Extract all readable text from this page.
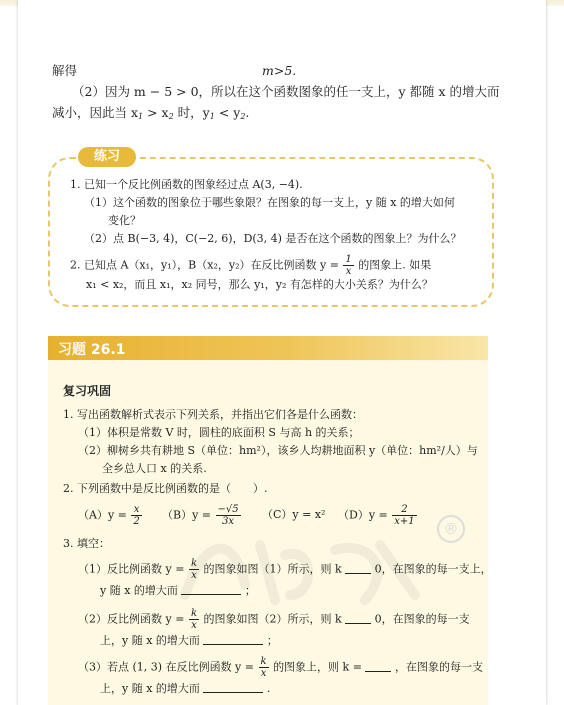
解得	m>5.
（2）因为 m − 5 > 0，所以在这个函数图象的任一支上，y 都随 x 的增大而
减小，因此当 $x_1 > x_2$ 时，$y_1 < y_2$.
练习
1. 已知一个反比例函数的图象经过点 A(3, −4).
（1）这个函数的图象位于哪些象限？在图象的每一支上，y 随 x 的增大如何
变化？
（2）点 B(−3, 4)，C(−2, 6)，D(3, 4) 是否在这个函数的图象上？为什么？
2. 已知点 A（x₁，y₁），B（x₂，y₂）在反比例函数 $y = \frac{1}{x}$ 的图象上. 如果
x₁ < x₂，而且 x₁，x₂ 同号，那么 y₁，y₂ 有怎样的大小关系？为什么？
习题 26.1
®
复习巩固
1. 写出函数解析式表示下列关系，并指出它们各是什么函数：
（1）体积是常数 V 时，圆柱的底面积 S 与高 h 的关系；
（2）柳树乡共有耕地 S（单位：hm²），该乡人均耕地面积 y（单位：hm²/人）与
全乡总人口 x 的关系.
2. 下列函数中是反比例函数的是（　　）.
$(A)y = \frac{x}{2} (B)y = \frac{-√5}{3x} (C)y = x^2$ $(D)y = \frac{2}{x+1}$
3. 填空：
（1）反比例函数 $y = \frac{k}{x}$ 的图象如图（1）所示，则 k	0，在图象的每一支上，
y 随 x 的增大而	；
（2）反比例函数 $y = \frac{k}{x}$ 的图象如图（2）所示，则 k	0，在图象的每一支
上，y 随 x 的增大而	；
（3）若点 (1, 3) 在反比例函数 $y = \frac{k}{x}$ 的图象上，则 k =	，在图象的每一支
上，y 随 x 的增大而	.
